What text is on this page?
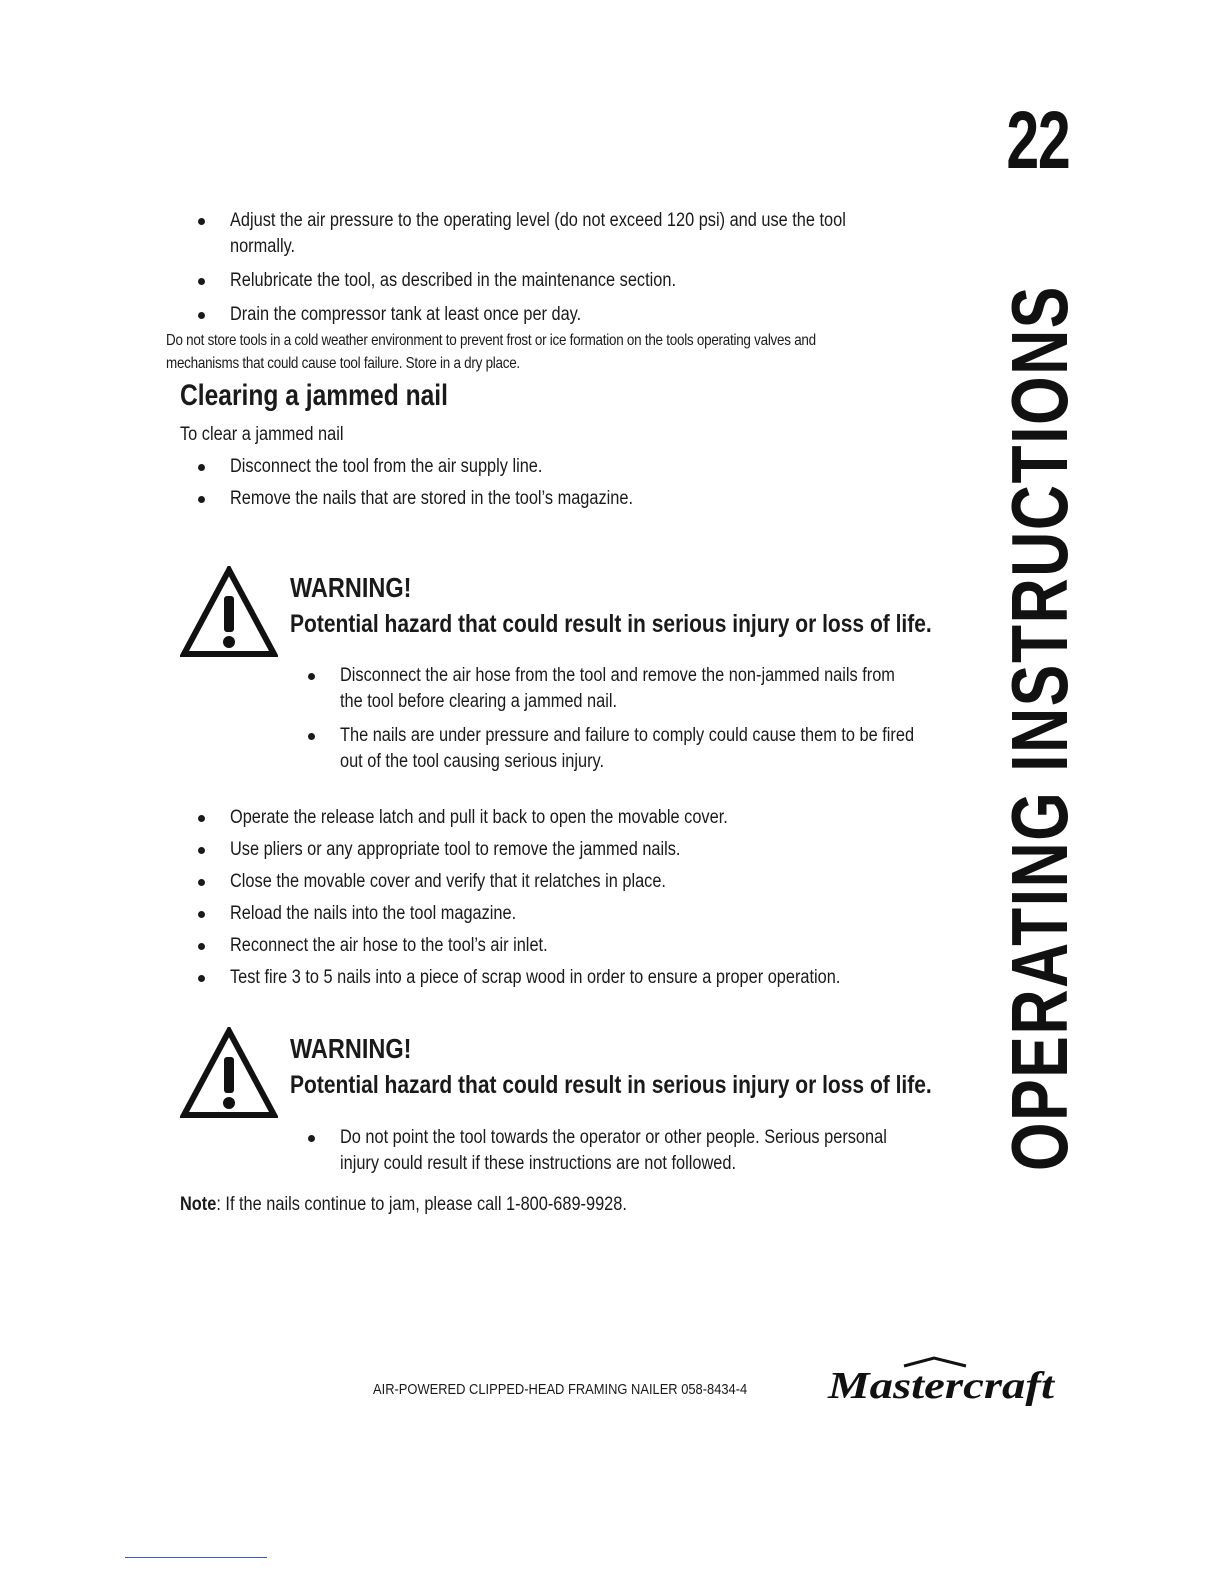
22
OPERATING INSTRUCTIONS
Adjust the air pressure to the operating level (do not exceed 120 psi) and use the tool
normally.
Relubricate the tool, as described in the maintenance section.
Drain the compressor tank at least once per day.
Do not store tools in a cold weather environment to prevent frost or ice formation on the tools operating valves and
mechanisms that could cause tool failure. Store in a dry place.
Clearing a jammed nail
To clear a jammed nail
Disconnect the tool from the air supply line.
Remove the nails that are stored in the tool’s magazine.
WARNING!
Potential hazard that could result in serious injury or loss of life.
Disconnect the air hose from the tool and remove the non-jammed nails from
the tool before clearing a jammed nail.
The nails are under pressure and failure to comply could cause them to be fired
out of the tool causing serious injury.
Operate the release latch and pull it back to open the movable cover.
Use pliers or any appropriate tool to remove the jammed nails.
Close the movable cover and verify that it relatches in place.
Reload the nails into the tool magazine.
Reconnect the air hose to the tool’s air inlet.
Test fire 3 to 5 nails into a piece of scrap wood in order to ensure a proper operation.
WARNING!
Potential hazard that could result in serious injury or loss of life.
Do not point the tool towards the operator or other people. Serious personal
injury could result if these instructions are not followed.
Note: If the nails continue to jam, please call 1-800-689-9928.
AIR-POWERED CLIPPED-HEAD FRAMING NAILER 058-8434-4	Mastercraft
